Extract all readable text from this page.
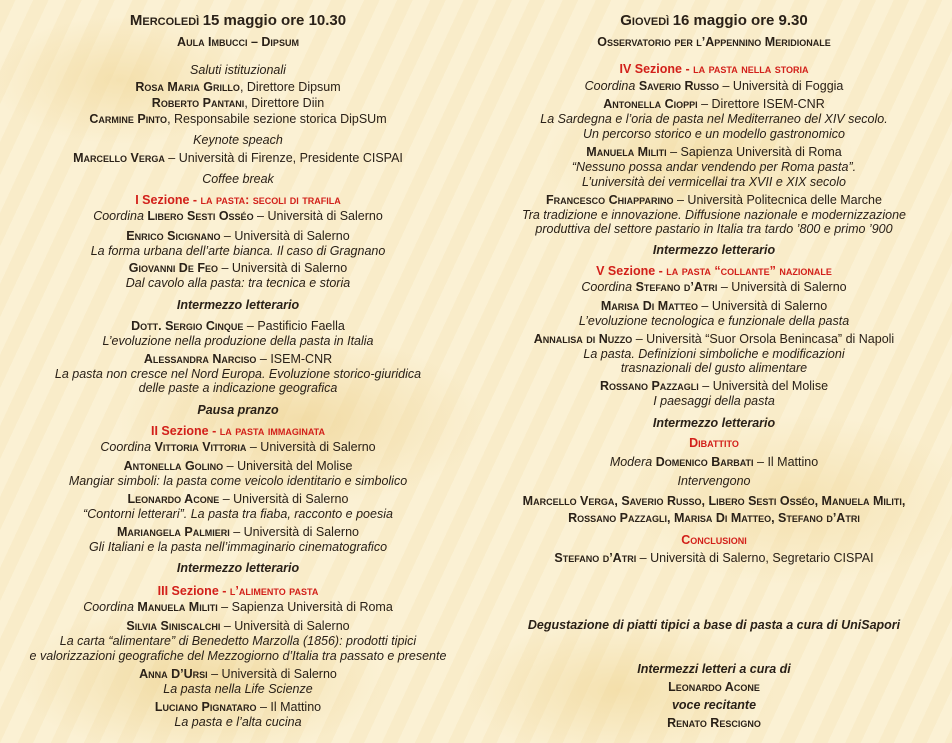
Mercoledì 15 maggio ore 10.30
Aula Imbucci – Dipsum
Saluti istituzionali
Rosa Maria Grillo, Direttore Dipsum
Roberto Pantani, Direttore Diin
Carmine Pinto, Responsabile sezione storica DipSUm
Keynote speach
Marcello Verga – Università di Firenze, Presidente CISPAI
Coffee break
I Sezione - la pasta: secoli di trafila
Coordina Libero Sesti Osséo – Università di Salerno
Enrico Sicignano – Università di Salerno
La forma urbana dell’arte bianca. Il caso di Gragnano
Giovanni De Feo – Università di Salerno
Dal cavolo alla pasta: tra tecnica e storia
Intermezzo letterario
Dott. Sergio Cinque – Pastificio Faella
L’evoluzione nella produzione della pasta in Italia
Alessandra Narciso – ISEM-CNR
La pasta non cresce nel Nord Europa. Evoluzione storico-giuridica
delle paste a indicazione geografica
Pausa pranzo
II Sezione - la pasta immaginata
Coordina Vittoria Vittoria – Università di Salerno
Antonella Golino – Università del Molise
Mangiar simboli: la pasta come veicolo identitario e simbolico
Leonardo Acone – Università di Salerno
“Contorni letterari”. La pasta tra fiaba, racconto e poesia
Mariangela Palmieri – Università di Salerno
Gli Italiani e la pasta nell’immaginario cinematografico
Intermezzo letterario
III Sezione - l’alimento pasta
Coordina Manuela Militi – Sapienza Università di Roma
Silvia Siniscalchi – Università di Salerno
La carta “alimentare” di Benedetto Marzolla (1856): prodotti tipici
e valorizzazioni geografiche del Mezzogiorno d’Italia tra passato e presente
Anna D’Ursi – Università di Salerno
La pasta nella Life Scienze
Luciano Pignataro – Il Mattino
La pasta e l’alta cucina
Giovedì 16 maggio ore 9.30
Osservatorio per l’Appennino Meridionale
IV Sezione - la pasta nella storia
Coordina Saverio Russo – Università di Foggia
Antonella Cioppi – Direttore ISEM-CNR
La Sardegna e l’oria de pasta nel Mediterraneo del XIV secolo.
Un percorso storico e un modello gastronomico
Manuela Militi – Sapienza Università di Roma
“Nessuno possa andar vendendo per Roma pasta”.
L’università dei vermicellai tra XVII e XIX secolo
Francesco Chiapparino – Università Politecnica delle Marche
Tra tradizione e innovazione. Diffusione nazionale e modernizzazione
produttiva del settore pastario in Italia tra tardo ’800 e primo ’900
Intermezzo letterario
V Sezione - la pasta “collante” nazionale
Coordina Stefano d’Atri – Università di Salerno
Marisa Di Matteo – Università di Salerno
L’evoluzione tecnologica e funzionale della pasta
Annalisa di Nuzzo – Università “Suor Orsola Benincasa” di Napoli
La pasta. Definizioni simboliche e modificazioni
trasnazionali del gusto alimentare
Rossano Pazzagli – Università del Molise
I paesaggi della pasta
Intermezzo letterario
Dibattito
Modera Domenico Barbati – Il Mattino
Intervengono
Marcello Verga, Saverio Russo, Libero Sesti Osséo, Manuela Militi,
Rossano Pazzagli, Marisa Di Matteo, Stefano d’Atri
Conclusioni
Stefano d’Atri – Università di Salerno, Segretario CISPAI
Degustazione di piatti tipici a base di pasta a cura di UniSapori
Intermezzi letteri a cura di
Leonardo Acone
voce recitante
Renato Rescigno
